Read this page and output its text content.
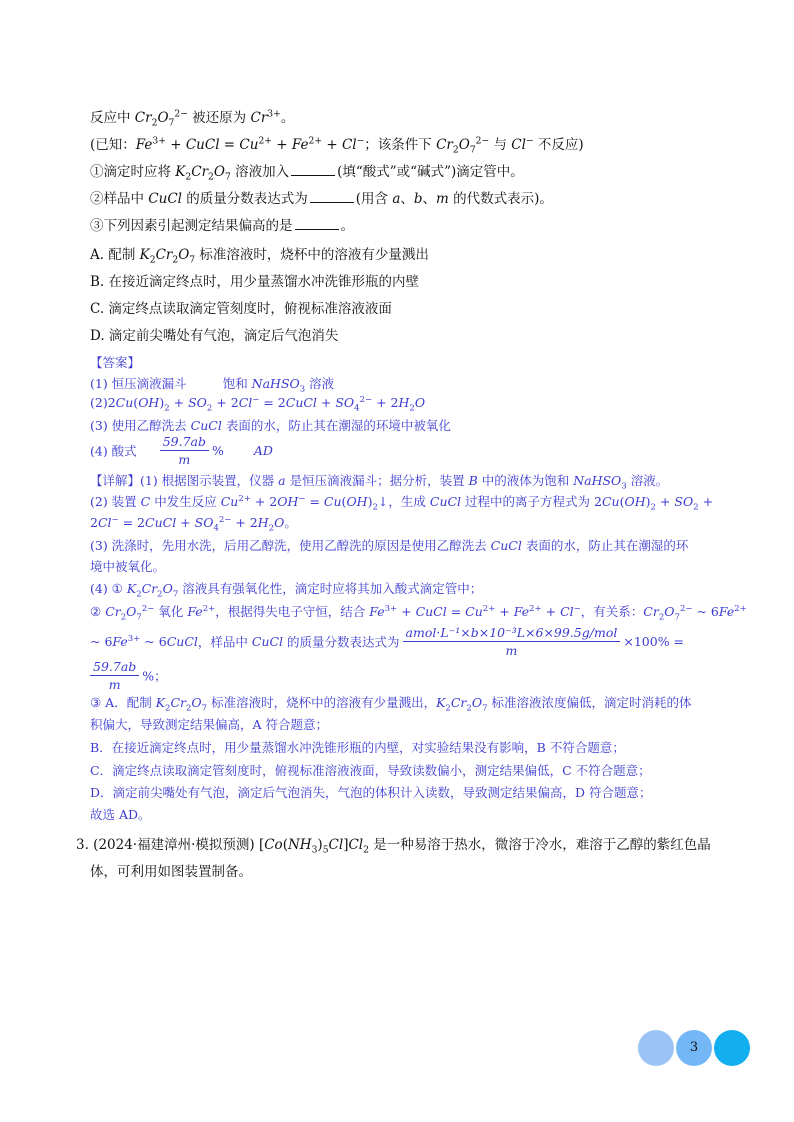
反应中 $Cr_2O_7^{2-}$ 被还原为 $Cr^{3+}$。
(已知：$Fe^{3+}$ + CuCl = $Cu^{2+} + Fe^{2+} + Cl^-$；该条件下 $Cr_2O_7^{2-}$ 与 Cl− 不反应)
①滴定时应将 $K_2Cr_2O_7$ 溶液加入	(填“酸式”或“碱式”)滴定管中。
②样品中 CuCl 的质量分数表达式为	(用含 a、b、m 的代数式表示)。
③下列因素引起测定结果偏高的是	。
A. 配制 $K_2Cr_2O_7$ 标准溶液时，烧杯中的溶液有少量溅出
B. 在接近滴定终点时，用少量蒸馏水冲洗锥形瓶的内壁
C. 滴定终点读取滴定管刻度时，俯视标准溶液液面
D. 滴定前尖嘴处有气泡，滴定后气泡消失
【答案】
(1) 恒压滴液漏斗	饱和 NaHSO$_3$ 溶液
$(2)2Cu(OH)_2 + SO_2 + 2Cl^-$ = 2CuCl + $SO_4^{2-} + 2H_2O$
(3) 使用乙醇洗去 CuCl 表面的水，防止其在潮湿的环境中被氧化
(4) 酸式 $\frac{59.7ab}{m}$ % AD
【详解】(1) 根据图示装置，仪器 a 是恒压滴液漏斗；据分析，装置 B 中的液体为饱和 NaHSO$_3$ 溶液。
(2) 装置 C 中发生反应 $Cu^{2+} + 2OH^-$ = $Cu(OH)_2↓$，生成 CuCl 过程中的离子方程式为 $2Cu(OH)_2 + SO_2$ +
2Cl− = 2CuCl + $SO_4^{2-} + 2H_2O$。
(3) 洗涤时，先用水洗，后用乙醇洗，使用乙醇洗的原因是使用乙醇洗去 CuCl 表面的水，防止其在潮湿的环
境中被氧化。
(4) ① $K_2Cr_2O_7$ 溶液具有强氧化性，滴定时应将其加入酸式滴定管中；
② $Cr_2O_7^{2-}$ 氧化 $Fe^{2+}$，根据得失电子守恒，结合 $Fe^{3+}$ + CuCl = $Cu^{2+} + Fe^{2+} + Cl^-$，有关系：$Cr_2O_7^{2-}$ ~ $6Fe^{2+}$
~ $6Fe^{3+}$ ~ 6CuCl，样品中 CuCl 的质量分数表达式为 $\frac{\text{amol·L⁻¹×b×10⁻³L×6×99.5g/mol}}{m} \times 100\%$ =
$\frac{59.7ab}{m}$ %；
③ A．配制 $K_2Cr_2O_7$ 标准溶液时，烧杯中的溶液有少量溅出，$K_2Cr_2O_7$ 标准溶液浓度偏低，滴定时消耗的体
积偏大，导致测定结果偏高，A 符合题意；
B．在接近滴定终点时，用少量蒸馏水冲洗锥形瓶的内壁，对实验结果没有影响，B 不符合题意；
C．滴定终点读取滴定管刻度时，俯视标准溶液液面，导致读数偏小，测定结果偏低，C 不符合题意；
D．滴定前尖嘴处有气泡，滴定后气泡消失，气泡的体积计入读数，导致测定结果偏高，D 符合题意；
故选 AD。
3. (2024·福建漳州·模拟预测) $[Co(NH_3)_5Cl]Cl_2$ 是一种易溶于热水，微溶于冷水，难溶于乙醇的紫红色晶
体，可利用如图装置制备。
3
